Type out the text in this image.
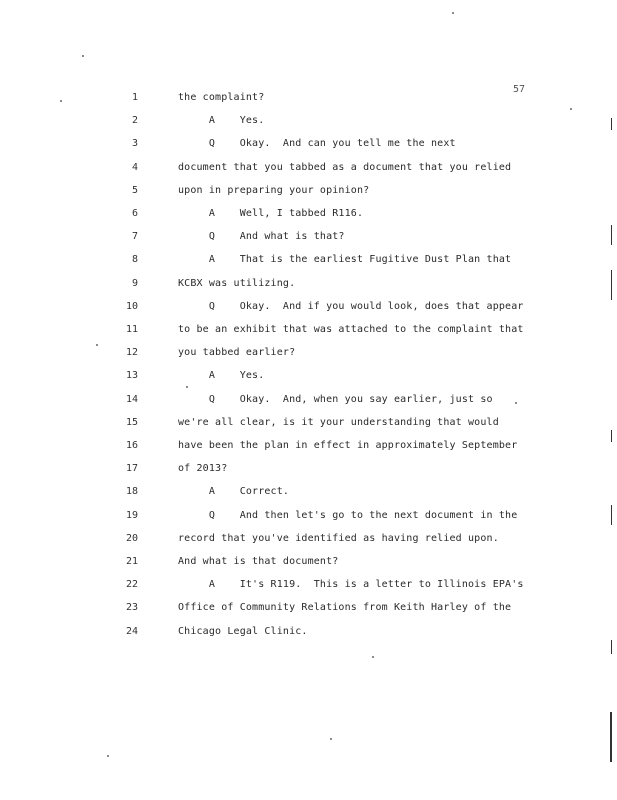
57
1	the complaint?
2	A    Yes.
3	Q    Okay.  And can you tell me the next
4	document that you tabbed as a document that you relied
5	upon in preparing your opinion?
6	A    Well, I tabbed R116.
7	Q    And what is that?
8	A    That is the earliest Fugitive Dust Plan that
9	KCBX was utilizing.
10	Q    Okay.  And if you would look, does that appear
11	to be an exhibit that was attached to the complaint that
12	you tabbed earlier?
13	A    Yes.
14	Q    Okay.  And, when you say earlier, just so
15	we're all clear, is it your understanding that would
16	have been the plan in effect in approximately September
17	of 2013?
18	A    Correct.
19	Q    And then let's go to the next document in the
20	record that you've identified as having relied upon.
21	And what is that document?
22	A    It's R119.  This is a letter to Illinois EPA's
23	Office of Community Relations from Keith Harley of the
24	Chicago Legal Clinic.
